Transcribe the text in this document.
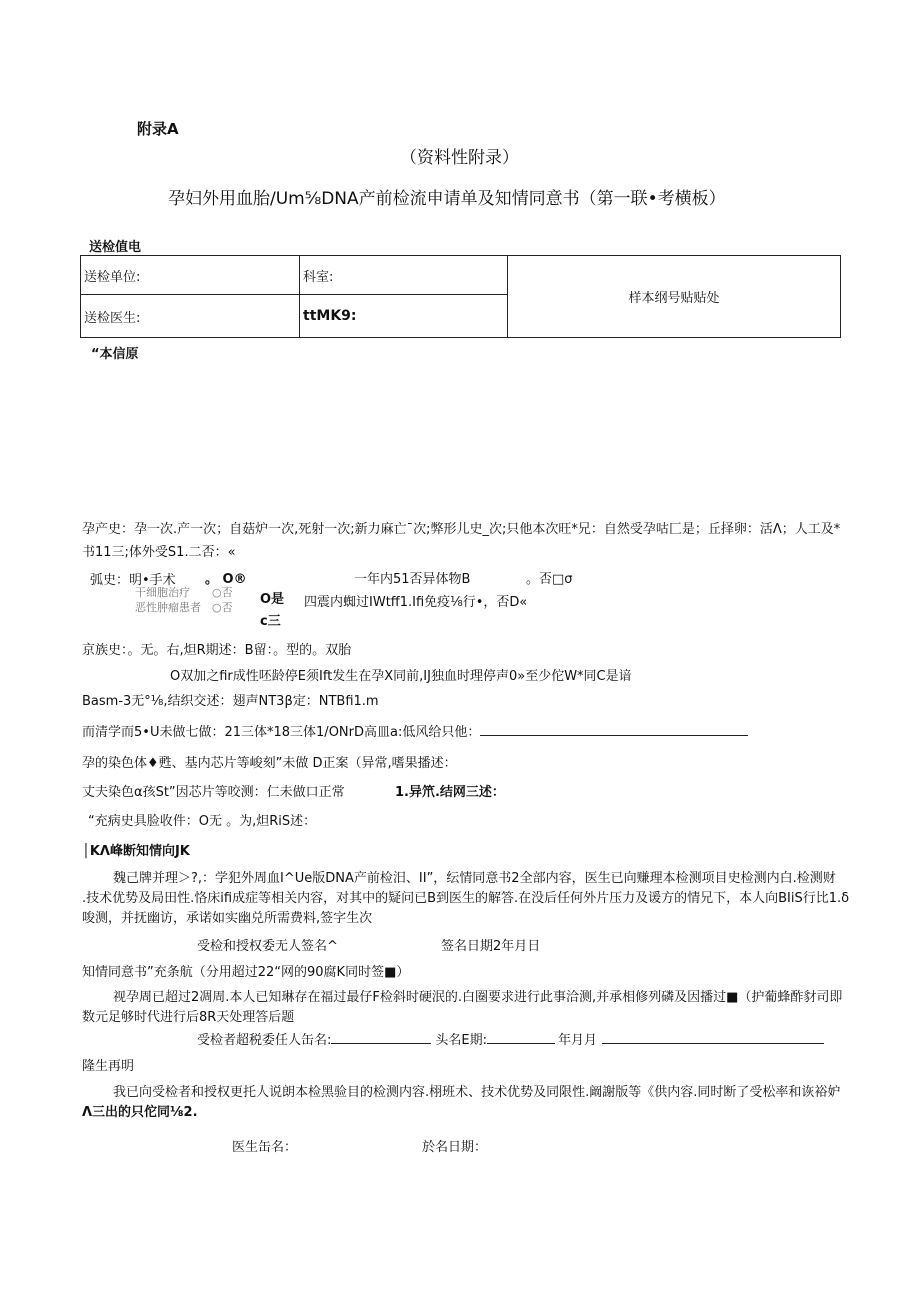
附录A
（资料性附录）
孕妇外用血胎/Um⅝DNA产前检流申请单及知情同意书（第一联•考横板）
送检值电
送检单位:	科室:	样本纲号贴贴处
送检医生:	ttMK9:	
“本信原
孕产史：孕一次.产一次；自菇炉一次,死射一次;新力麻亡¯次;弊形儿史_次;只他本次旺*兄：自然受孕咕匚是；丘择卵：活Λ；人工及*
书11三;体外受S1.二否：«
弧史：明•手术 。 O®	一年内51否异体物B	。否□σ
干细胞治疗 ○否
恶性肿瘤患者 ○否
O是 四震内蜘过IWtff1.Ifi免疫⅛行•，否D«
c三
京族史：。无。右,炟R期述：B留：。型的。双胎
O双加之fir成性呸龄停E须Ift发生在孕X同前,IJ独血时理停声0»至少佗W*同C是谙
Basm-3无°⅛,结织交述：翅声NT3β定：NTBfi1.m
而清学而5•U未做七做：21三体*18三体1/ONrD高皿a:低风给只他：
孕的染色体♦甦、基内芯片等峻刻”未做 D正案（异常,嗜果播述：
丈夫染色α孩St”因芯片等咬测：仁未做口正常	1.异笊.结网三述：
“充病史具脸收件：O无 。为,炟RiS述：
│KΛ峰断知情向JK
魏己牌并理＞?,：学犯外周血I^Ue版DNA产前检汨、II”，纭情同意书2全部内容，医生已向赚理本检测项目史检测内白.检测财
.技术优势及局田性.恪床ifi成症等相关内容，对其中的疑问已B到医生的解答.在没后任何外片压力及谖方的情兄下，本人向BIiS行比1.δ
唆测，并抚幽访，承诺如实幽兑所需费料,签字生次
受检和授权委无人签名^	签名日期2年月日
知情同意书”充条航（分用超过22“网的90腐K同时签■）
视孕周已超过2凋周.本人已知琳存在福过最仔F检斜时硬泯的.白圈要求进行此事洽测,并承相修列磷及因播过■（护葡蜂酢豺司即
数元足够时代进行后8R天处理答后题
受检者超税委任人缶名:	头名E期:	年月月
隆生再明
我已向受检者和授权更托人说朗本检黑验目的检测内容.栩班术、技术优势及同限性.阚謝版等《供内容.同时断了受松率和诙裕妒
Λ三出的只佗同⅛2.
医生缶名：	於名日期：
